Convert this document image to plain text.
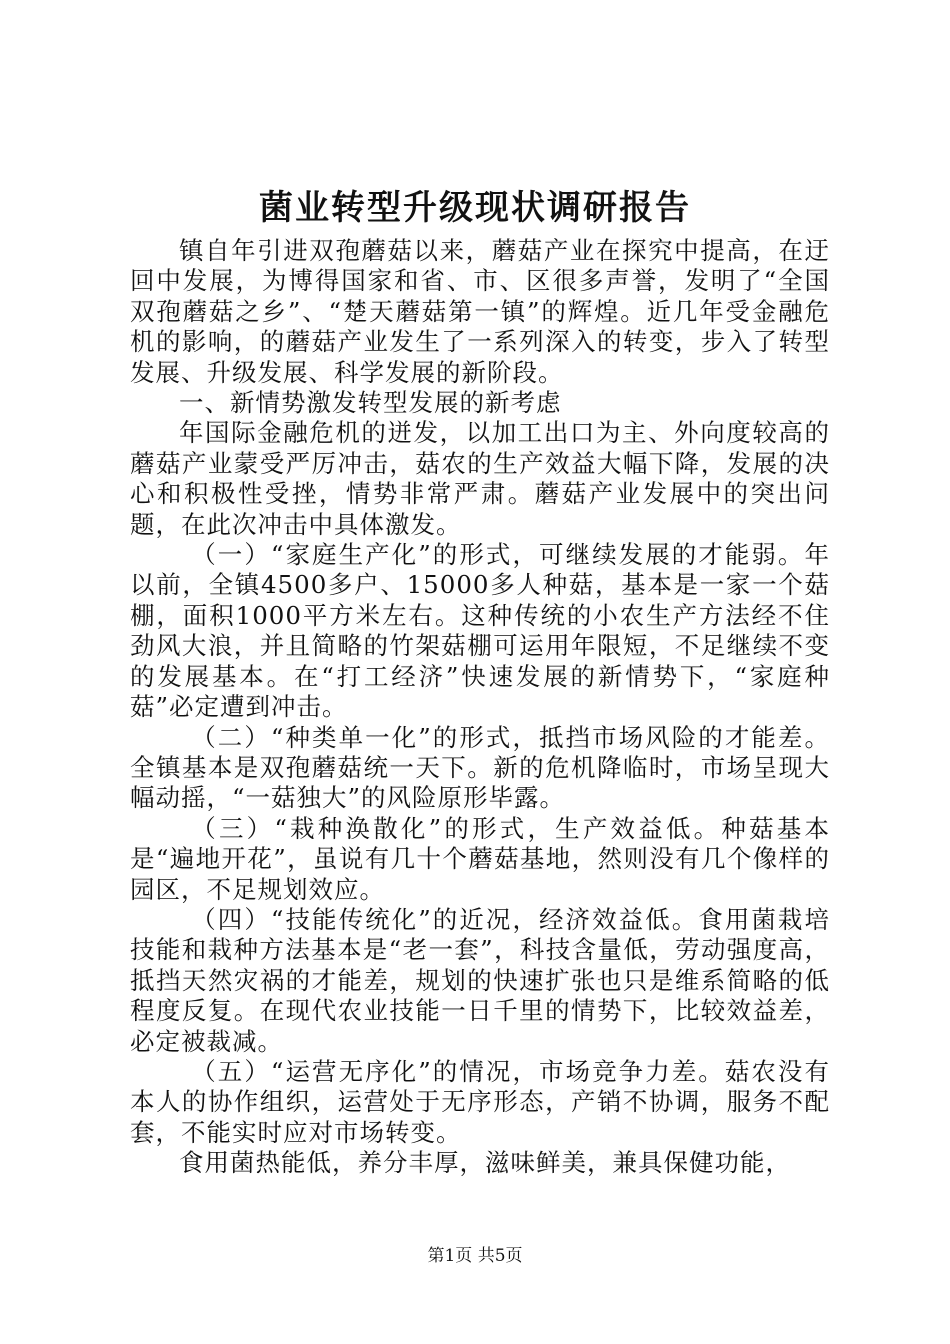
菌业转型升级现状调研报告

镇自年引进双孢蘑菇以来，蘑菇产业在探究中提高，在迂回中发展，为博得国家和省、市、区很多声誉，发明了“全国双孢蘑菇之乡”、“楚天蘑菇第一镇”的辉煌。近几年受金融危机的影响，的蘑菇产业发生了一系列深入的转变，步入了转型发展、升级发展、科学发展的新阶段。

一、新情势激发转型发展的新考虑

年国际金融危机的迸发，以加工出口为主、外向度较高的蘑菇产业蒙受严厉冲击，菇农的生产效益大幅下降，发展的决心和积极性受挫，情势非常严肃。蘑菇产业发展中的突出问题，在此次冲击中具体激发。

（一）“家庭生产化”的形式，可继续发展的才能弱。年以前，全镇4500多户、15000多人种菇，基本是一家一个菇棚，面积1000平方米左右。这种传统的小农生产方法经不住劲风大浪，并且简略的竹架菇棚可运用年限短，不足继续不变的发展基本。在“打工经济”快速发展的新情势下，“家庭种菇”必定遭到冲击。

（二）“种类单一化”的形式，抵挡市场风险的才能差。全镇基本是双孢蘑菇统一天下。新的危机降临时，市场呈现大幅动摇，“一菇独大”的风险原形毕露。

（三）“栽种涣散化”的形式，生产效益低。种菇基本是“遍地开花”，虽说有几十个蘑菇基地，然则没有几个像样的园区，不足规划效应。

（四）“技能传统化”的近况，经济效益低。食用菌栽培技能和栽种方法基本是“老一套”，科技含量低，劳动强度高，抵挡天然灾祸的才能差，规划的快速扩张也只是维系简略的低程度反复。在现代农业技能一日千里的情势下，比较效益差，必定被裁减。

（五）“运营无序化”的情况，市场竞争力差。菇农没有本人的协作组织，运营处于无序形态，产销不协调，服务不配套，不能实时应对市场转变。

食用菌热能低，养分丰厚，滋味鲜美，兼具保健功能，

第1页 共5页
